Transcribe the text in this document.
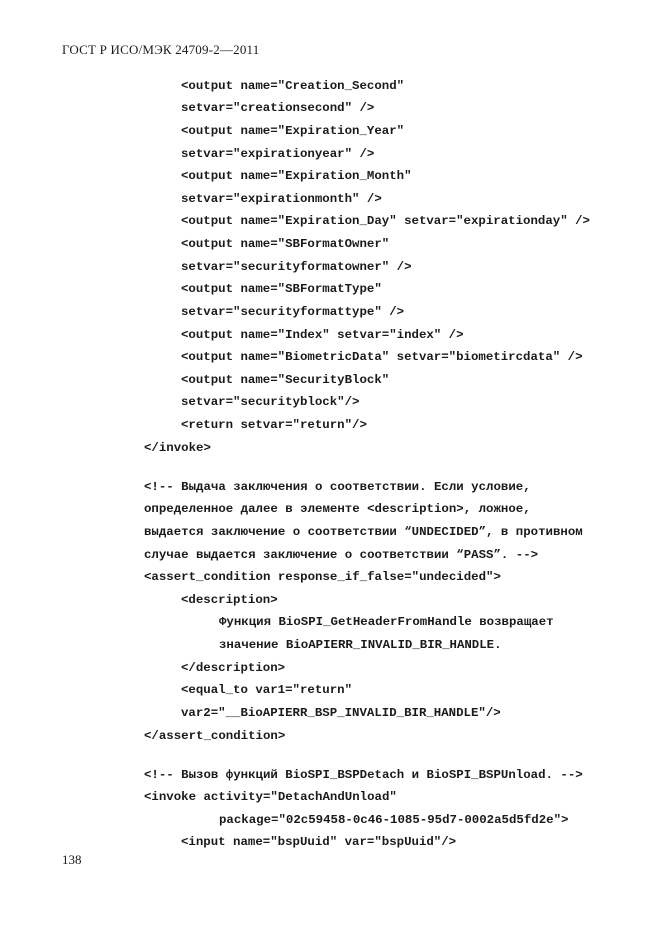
ГОСТ Р ИСО/МЭК 24709-2—2011
<output name="Creation_Second"
setvar="creationsecond" />
<output name="Expiration_Year"
setvar="expirationyear" />
<output name="Expiration_Month"
setvar="expirationmonth" />
<output name="Expiration_Day" setvar="expirationday" />
<output name="SBFormatOwner"
setvar="securityformatowner" />
<output name="SBFormatType"
setvar="securityformattype" />
<output name="Index" setvar="index" />
<output name="BiometricData" setvar="biometircdata" />
<output name="SecurityBlock"
setvar="securityblock"/>
<return setvar="return"/>
</invoke>
<!-- Выдача заключения о соответствии. Если условие,
определенное далее в элементе <description>, ложное,
выдается заключение о соответствии “UNDECIDED”, в противном
случае выдается заключение о соответствии “PASS”. -->
<assert_condition response_if_false="undecided">
<description>
Функция BioSPI_GetHeaderFromHandle возвращает
значение BioAPIERR_INVALID_BIR_HANDLE.
</description>
<equal_to var1="return"
var2="__BioAPIERR_BSP_INVALID_BIR_HANDLE"/>
</assert_condition>
<!-- Вызов функций BioSPI_BSPDetach и BioSPI_BSPUnload. -->
<invoke activity="DetachAndUnload"
package="02c59458-0c46-1085-95d7-0002a5d5fd2e">
<input name="bspUuid" var="bspUuid"/>
138
